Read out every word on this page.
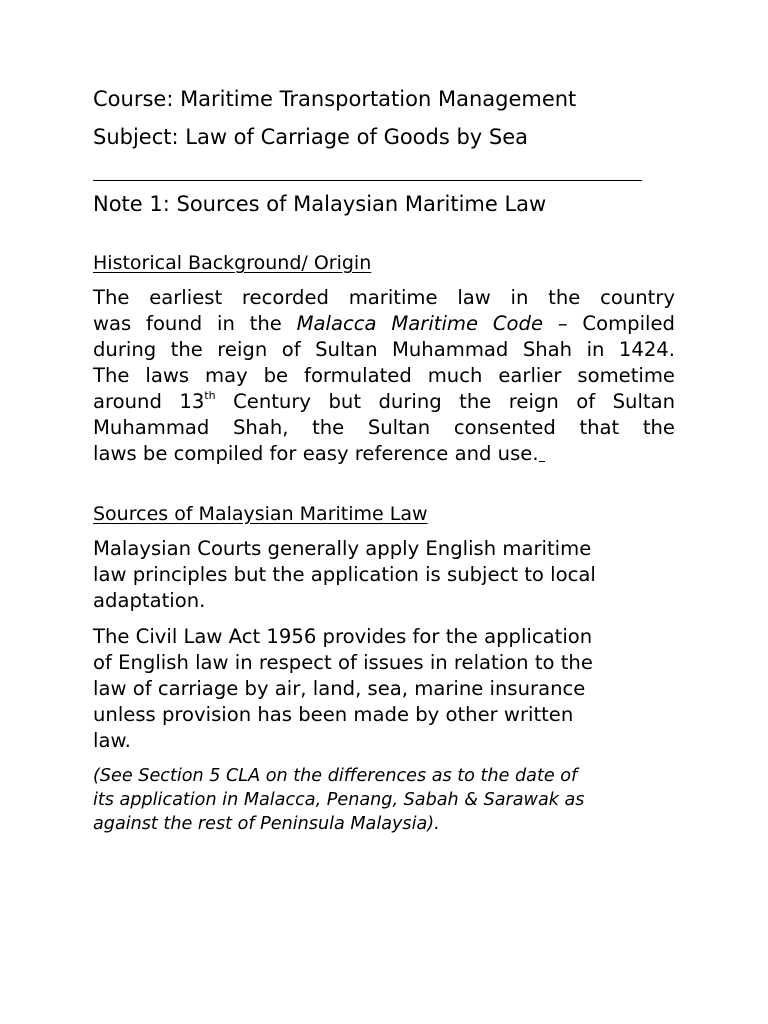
Course: Maritime Transportation Management
Subject: Law of Carriage of Goods by Sea
Note 1: Sources of Malaysian Maritime Law
Historical Background/ Origin
The earliest recorded maritime law in the country
was found in the Malacca Maritime Code – Compiled
during the reign of Sultan Muhammad Shah in 1424.
The laws may be formulated much earlier sometime
around 13th Century but during the reign of Sultan
Muhammad Shah, the Sultan consented that the
laws be compiled for easy reference and use.
Sources of Malaysian Maritime Law
Malaysian Courts generally apply English maritime
law principles but the application is subject to local
adaptation.
The Civil Law Act 1956 provides for the application
of English law in respect of issues in relation to the
law of carriage by air, land, sea, marine insurance
unless provision has been made by other written
law.
(See Section 5 CLA on the differences as to the date of
its application in Malacca, Penang, Sabah & Sarawak as
against the rest of Peninsula Malaysia).
